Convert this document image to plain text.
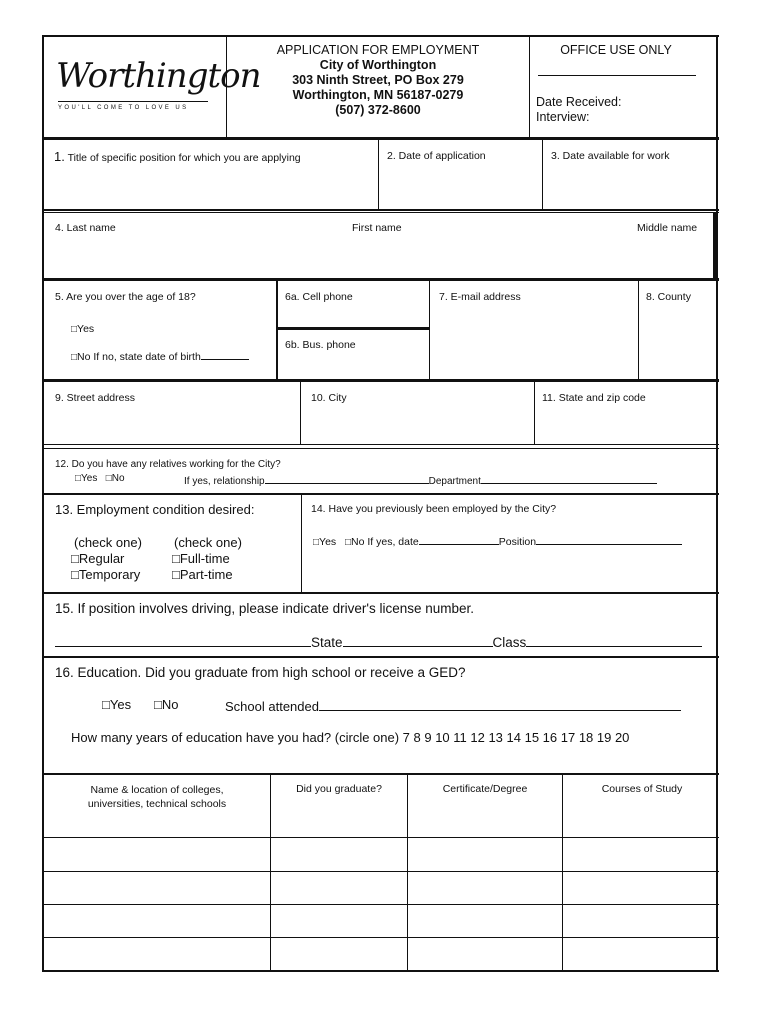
Worthington
YOU'LL COME TO LOVE US
APPLICATION FOR EMPLOYMENT
City of Worthington
303 Ninth Street, PO Box 279
Worthington, MN 56187-0279
(507) 372-8600
OFFICE USE ONLY
Date Received:
Interview:
1. Title of specific position for which you are applying	2. Date of application	3. Date available for work
4. Last name	First name	Middle name
5. Are you over the age of 18?
□Yes
□No If no, state date of birth
6a. Cell phone
6b. Bus. phone
7. E-mail address	8. County
9. Street address	10. City	11. State and zip code
12. Do you have any relatives working for the City?
□Yes □No	If yes, relationship	Department
13. Employment condition desired:
(check one) (check one)
□Regular
□Temporary
□Full-time
□Part-time
14. Have you previously been employed by the City?
□Yes □No If yes, date	Position
15. If position involves driving, please indicate driver's license number.
State	Class
16. Education. Did you graduate from high school or receive a GED?
□Yes □No	School attended
How many years of education have you had? (circle one) 7 8 9 10 11 12 13 14 15 16 17 18 19 20
Name & location of colleges,
universities, technical schools
Did you graduate?	Certificate/Degree	Courses of Study
